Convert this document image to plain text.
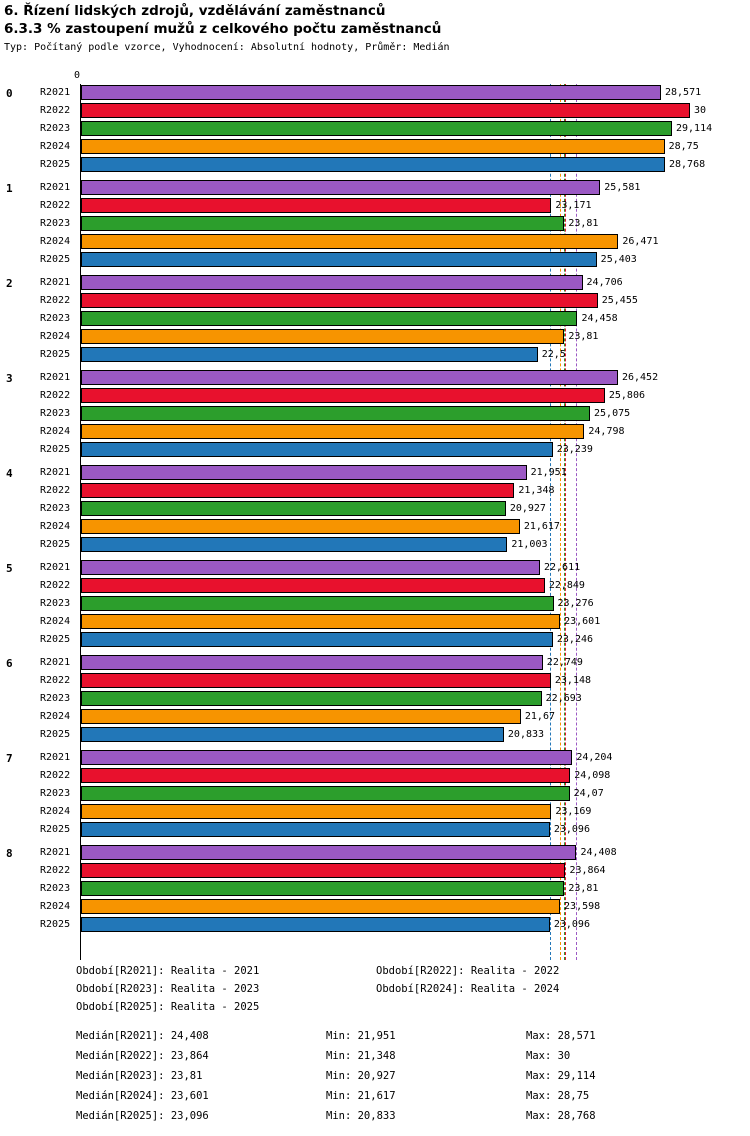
6. Řízení lidských zdrojů, vzdělávání zaměstnanců
6.3.3 % zastoupení mužů z celkového počtu zaměstnanců
Typ: Počítaný podle vzorce, Vyhodnocení: Absolutní hodnoty, Průměr: Medián
0
0	R2021	28,571
R2022	30
R2023	29,114
R2024	28,75
R2025	28,768
1	R2021	25,581
R2022	23,171
R2023	23,81
R2024	26,471
R2025	25,403
2	R2021	24,706
R2022	25,455
R2023	24,458
R2024	23,81
R2025	22,5
3	R2021	26,452
R2022	25,806
R2023	25,075
R2024	24,798
R2025	23,239
4	R2021	21,951
R2022	21,348
R2023	20,927
R2024	21,617
R2025	21,003
5	R2021	22,611
R2022	22,849
R2023	23,276
R2024	23,601
R2025	23,246
6	R2021	22,749
R2022	23,148
R2023	22,693
R2024	21,67
R2025	20,833
7	R2021	24,204
R2022	24,098
R2023	24,07
R2024	23,169
R2025	23,096
8	R2021	24,408
R2022	23,864
R2023	23,81
R2024	23,598
R2025	23,096
Období[R2021]: Realita - 2021	Období[R2022]: Realita - 2022
Období[R2023]: Realita - 2023	Období[R2024]: Realita - 2024
Období[R2025]: Realita - 2025
Medián[R2021]: 24,408	Min: 21,951	Max: 28,571
Medián[R2022]: 23,864	Min: 21,348	Max: 30
Medián[R2023]: 23,81	Min: 20,927	Max: 29,114
Medián[R2024]: 23,601	Min: 21,617	Max: 28,75
Medián[R2025]: 23,096	Min: 20,833	Max: 28,768
